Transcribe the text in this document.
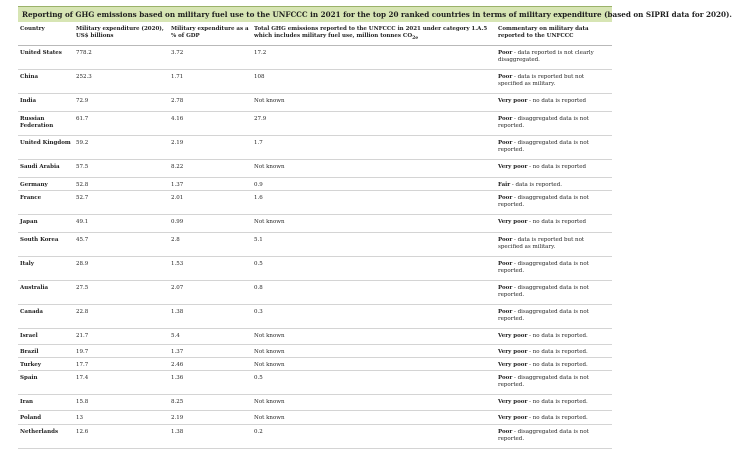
Reporting of GHG emissions based on military fuel use to the UNFCCC in 2021 for the top 20 ranked countries in terms of military expenditure (based on SIPRI data for 2020).
Country	Military expenditure (2020), US$ billions	Military expenditure as a % of GDP	Total GHG emissions reported to the UNFCCC in 2021 under category 1.A.5 which includes military fuel use, million tonnes $CO_{2e}$	Commentary on military data reported to the UNFCCC
United States	778.2	3.72	17.2	Poor - data reported is not clearly disaggregated.
China	252.3	1.71	108	Poor - data is reported but not specified as military.
India	72.9	2.78	Not known	Very poor - no data is reported
Russian Federation	61.7	4.16	27.9	Poor - disaggregated data is not reported.
United Kingdom	59.2	2.19	1.7	Poor - disaggregated data is not reported.
Saudi Arabia	57.5	8.22	Not known	Very poor - no data is reported
Germany	52.8	1.37	0.9	Fair - data is reported.
France	52.7	2.01	1.6	Poor - disaggregated data is not reported.
Japan	49.1	0.99	Not known	Very poor - no data is reported
South Korea	45.7	2.8	5.1	Poor - data is reported but not specified as military.
Italy	28.9	1.53	0.5	Poor - disaggregated data is not reported.
Australia	27.5	2.07	0.8	Poor - disaggregated data is not reported.
Canada	22.8	1.38	0.3	Poor - disaggregated data is not reported.
Israel	21.7	5.4	Not known	Very poor - no data is reported.
Brazil	19.7	1.37	Not known	Very poor - no data is reported.
Turkey	17.7	2.46	Not known	Very poor - no data is reported.
Spain	17.4	1.36	0.5	Poor - disaggregated data is not reported.
Iran	15.8	8.25	Not known	Very poor - no data is reported.
Poland	13	2.19	Not known	Very poor - no data is reported.
Netherlands	12.6	1.38	0.2	Poor - disaggregated data is not reported.
